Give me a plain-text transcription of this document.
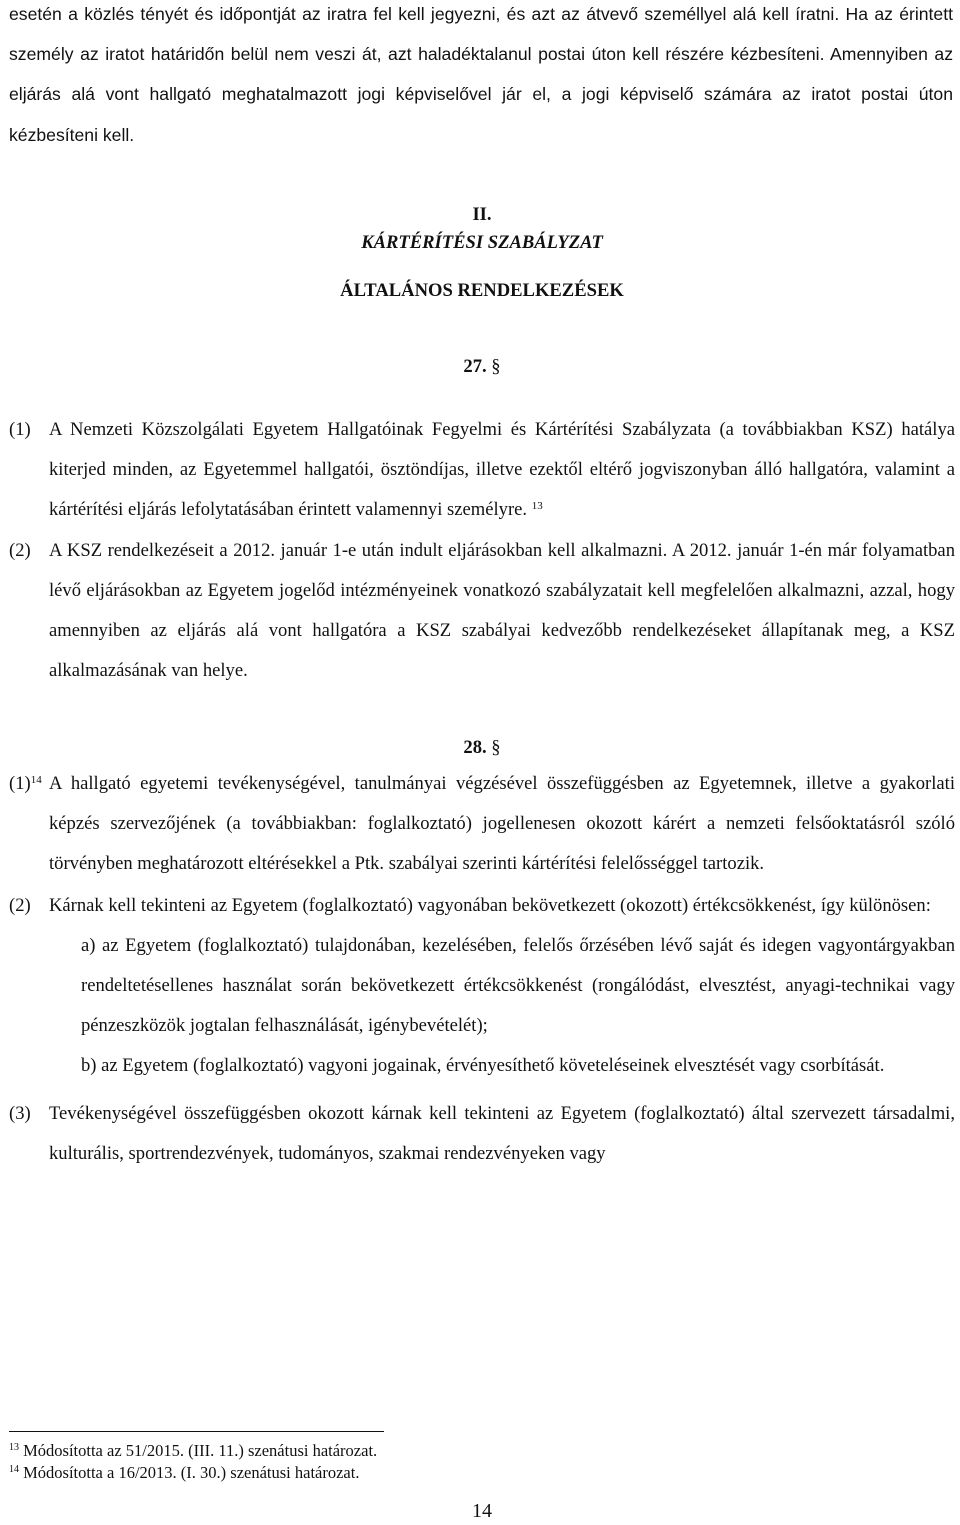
esetén a közlés tényét és időpontját az iratra fel kell jegyezni, és azt az átvevő személlyel alá kell íratni. Ha az érintett személy az iratot határidőn belül nem veszi át, azt haladéktalanul postai úton kell részére kézbesíteni. Amennyiben az eljárás alá vont hallgató meghatalmazott jogi képviselővel jár el, a jogi képviselő számára az iratot postai úton kézbesíteni kell.

II.
KÁRTÉRÍTÉSI SZABÁLYZAT
ÁLTALÁNOS RENDELKEZÉSEK
27. §
(1) A Nemzeti Közszolgálati Egyetem Hallgatóinak Fegyelmi és Kártérítési Szabályzata (a továbbiakban KSZ) hatálya kiterjed minden, az Egyetemmel hallgatói, ösztöndíjas, illetve ezektől eltérő jogviszonyban álló hallgatóra, valamint a kártérítési eljárás lefolytatásában érintett valamennyi személyre. $^{13}$
(2) A KSZ rendelkezéseit a 2012. január 1-e után indult eljárásokban kell alkalmazni. A 2012. január 1-én már folyamatban lévő eljárásokban az Egyetem jogelőd intézményeinek vonatkozó szabályzatait kell megfelelően alkalmazni, azzal, hogy amennyiben az eljárás alá vont hallgatóra a KSZ szabályai kedvezőbb rendelkezéseket állapítanak meg, a KSZ alkalmazásának van helye.
28. §
$(1)^{14}$ A hallgató egyetemi tevékenységével, tanulmányai végzésével összefüggésben az Egyetemnek, illetve a gyakorlati képzés szervezőjének (a továbbiakban: foglalkoztató) jogellenesen okozott kárért a nemzeti felsőoktatásról szóló törvényben meghatározott eltérésekkel a Ptk. szabályai szerinti kártérítési felelősséggel tartozik.
(2) Kárnak kell tekinteni az Egyetem (foglalkoztató) vagyonában bekövetkezett (okozott) értékcsökkenést, így különösen:
a) az Egyetem (foglalkoztató) tulajdonában, kezelésében, felelős őrzésében lévő saját és idegen vagyontárgyakban rendeltetésellenes használat során bekövetkezett értékcsökkenést (rongálódást, elvesztést, anyagi-technikai vagy pénzeszközök jogtalan felhasználását, igénybevételét);
b) az Egyetem (foglalkoztató) vagyoni jogainak, érvényesíthető követeléseinek elvesztését vagy csorbítását.
(3) Tevékenységével összefüggésben okozott kárnak kell tekinteni az Egyetem (foglalkoztató) által szervezett társadalmi, kulturális, sportrendezvények, tudományos, szakmai rendezvényeken vagy
$^{13}$ Módosította az 51/2015. (III. 11.) szenátusi határozat.
$^{14}$ Módosította a 16/2013. (I. 30.) szenátusi határozat.
14
